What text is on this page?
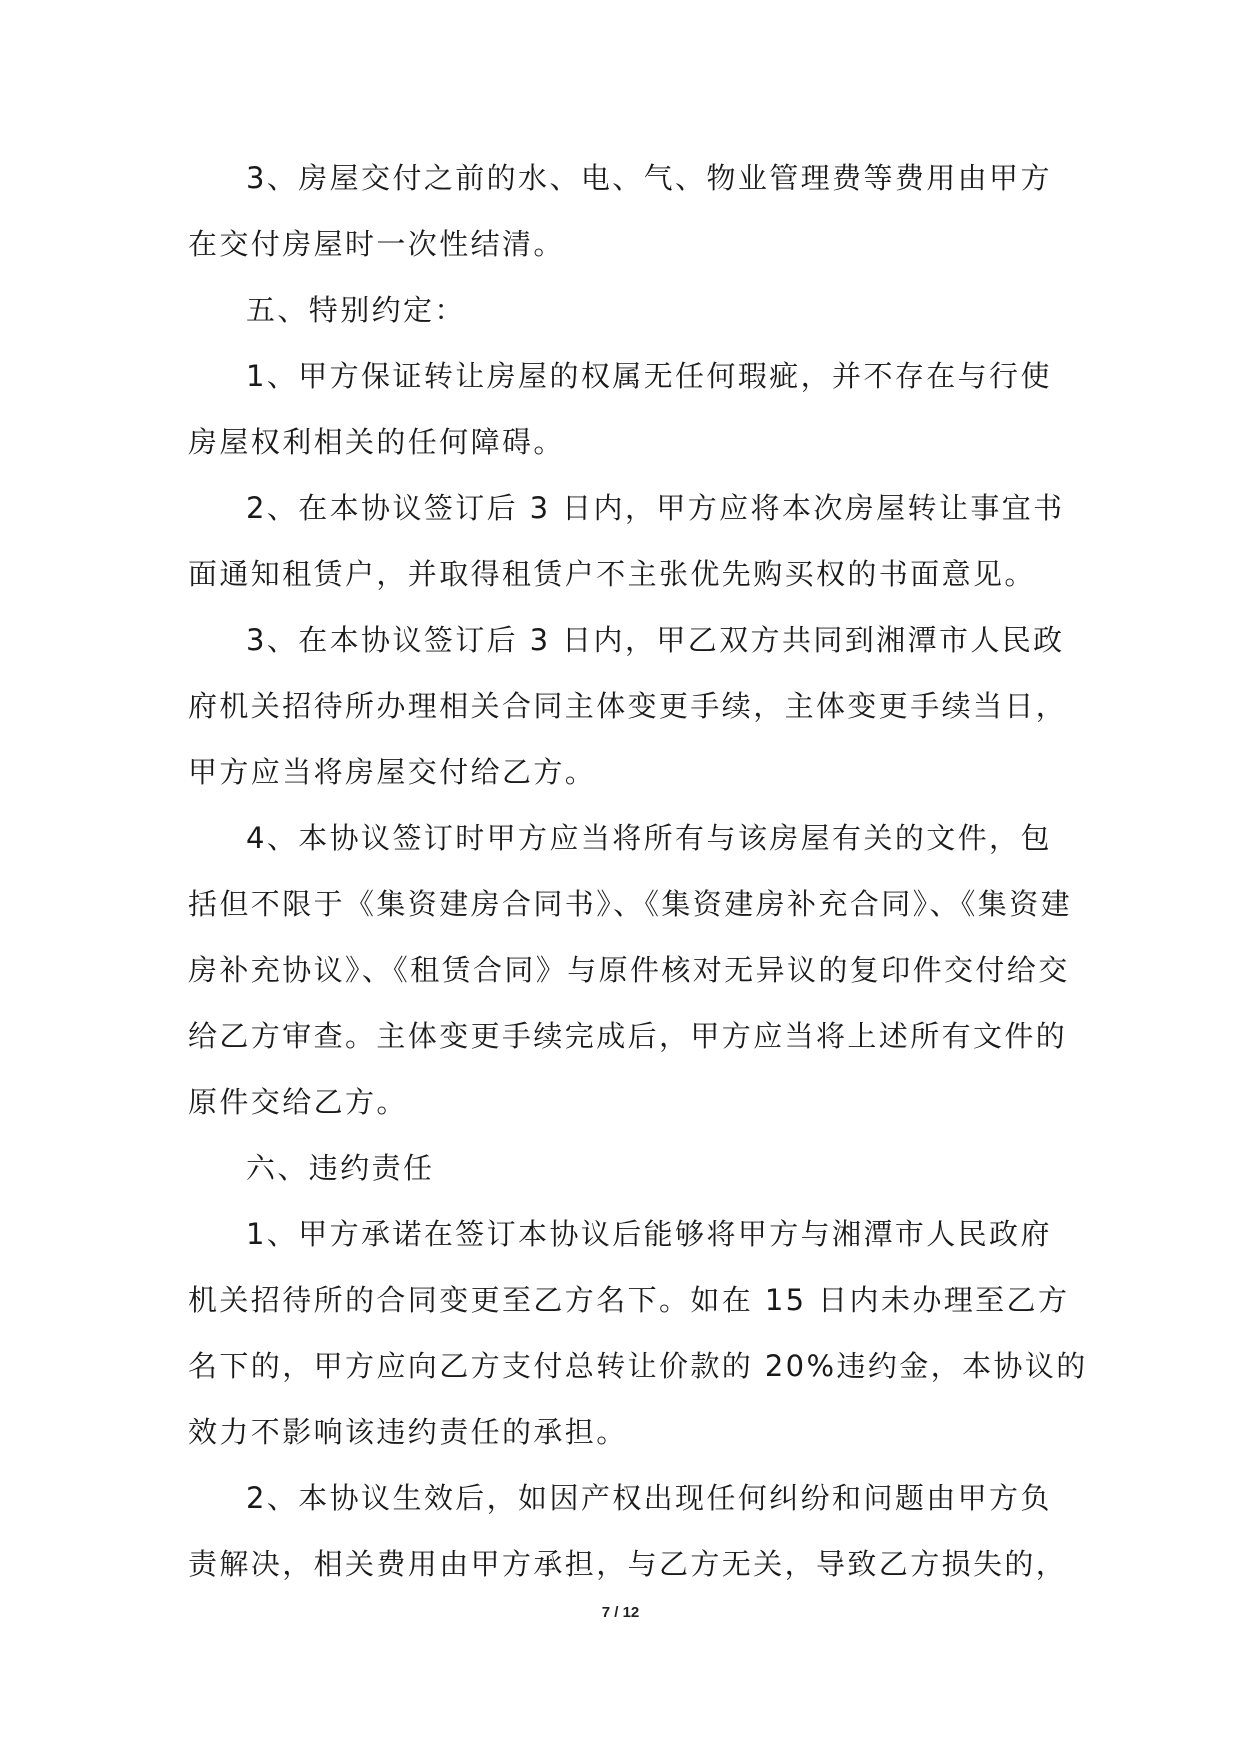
3、房屋交付之前的水、电、气、物业管理费等费用由甲方
在交付房屋时一次性结清。
五、特别约定：
1、甲方保证转让房屋的权属无任何瑕疵，并不存在与行使
房屋权利相关的任何障碍。
2、在本协议签订后 3 日内，甲方应将本次房屋转让事宜书
面通知租赁户，并取得租赁户不主张优先购买权的书面意见。
3、在本协议签订后 3 日内，甲乙双方共同到湘潭市人民政
府机关招待所办理相关合同主体变更手续，主体变更手续当日，
甲方应当将房屋交付给乙方。
4、本协议签订时甲方应当将所有与该房屋有关的文件，包
括但不限于《集资建房合同书》、《集资建房补充合同》、《集资建
房补充协议》、《租赁合同》与原件核对无异议的复印件交付给交
给乙方审查。主体变更手续完成后，甲方应当将上述所有文件的
原件交给乙方。
六、违约责任
1、甲方承诺在签订本协议后能够将甲方与湘潭市人民政府
机关招待所的合同变更至乙方名下。如在 15 日内未办理至乙方
名下的，甲方应向乙方支付总转让价款的 20%违约金，本协议的
效力不影响该违约责任的承担。
2、本协议生效后，如因产权出现任何纠纷和问题由甲方负
责解决，相关费用由甲方承担，与乙方无关，导致乙方损失的，
7 / 12
